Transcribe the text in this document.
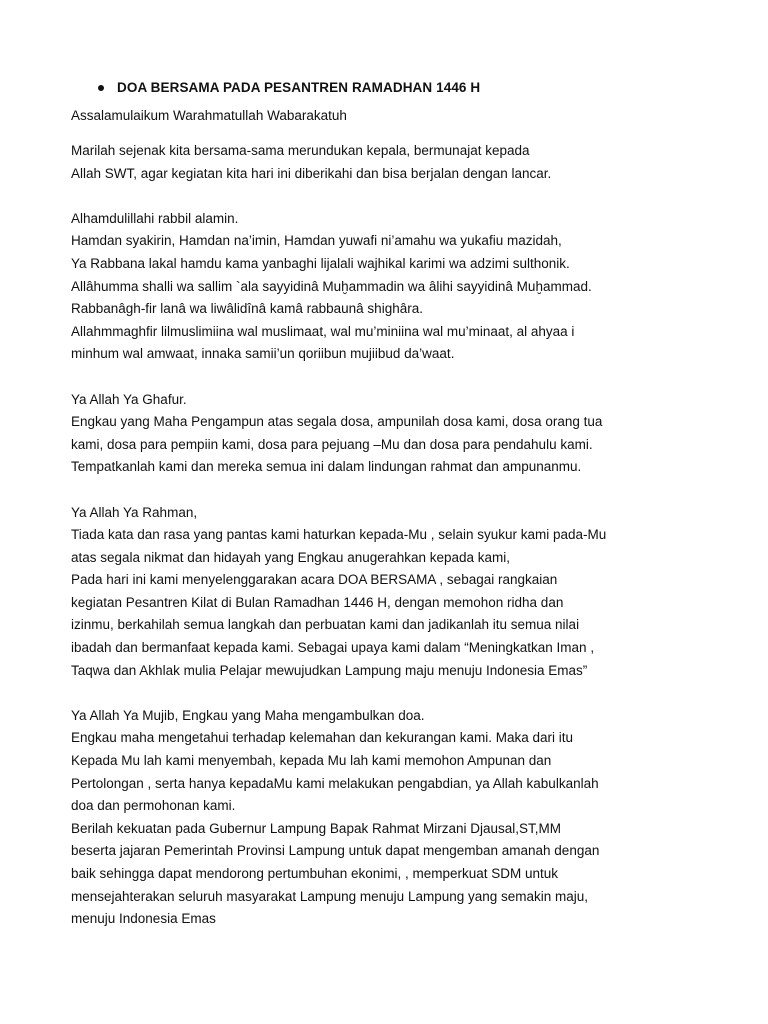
DOA BERSAMA PADA PESANTREN RAMADHAN 1446 H
Assalamulaikum Warahmatullah Wabarakatuh
Marilah sejenak kita bersama-sama merundukan kepala, bermunajat kepada
Allah SWT, agar kegiatan kita hari ini diberikahi dan bisa berjalan dengan lancar.
Alhamdulillahi rabbil alamin.
Hamdan syakirin, Hamdan na’imin, Hamdan yuwafi ni’amahu wa yukafiu mazidah,
Ya Rabbana lakal hamdu kama yanbaghi lijalali wajhikal karimi wa adzimi sulthonik.
Allâhumma shalli wa sallim `ala sayyidinâ Muḫammadin wa âlihi sayyidinâ Muḫammad.
Rabbanâgh-fir lanâ wa liwâlidînâ kamâ rabbaunâ shighâra.
Allahmmaghfir lilmuslimiina wal muslimaat, wal mu’miniina wal mu’minaat, al ahyaa i
minhum wal amwaat, innaka samii’un qoriibun mujiibud da’waat.
Ya Allah Ya Ghafur.
Engkau yang Maha Pengampun atas segala dosa, ampunilah dosa kami, dosa orang tua
kami, dosa para pempiin kami, dosa para pejuang –Mu dan dosa para pendahulu kami.
Tempatkanlah kami dan mereka semua ini dalam lindungan rahmat dan ampunanmu.
Ya Allah Ya Rahman,
Tiada kata dan rasa yang pantas kami haturkan kepada-Mu , selain syukur kami pada-Mu
atas segala nikmat dan hidayah yang Engkau anugerahkan kepada kami,
Pada hari ini kami menyelenggarakan acara DOA BERSAMA , sebagai rangkaian
kegiatan Pesantren Kilat di Bulan Ramadhan 1446 H, dengan memohon ridha dan
izinmu, berkahilah semua langkah dan perbuatan kami dan jadikanlah itu semua nilai
ibadah dan bermanfaat kepada kami. Sebagai upaya kami dalam “Meningkatkan Iman ,
Taqwa dan Akhlak mulia Pelajar mewujudkan Lampung maju menuju Indonesia Emas”
Ya Allah Ya Mujib, Engkau yang Maha mengambulkan doa.
Engkau maha mengetahui terhadap kelemahan dan kekurangan kami. Maka dari itu
Kepada Mu lah kami menyembah, kepada Mu lah kami memohon Ampunan dan
Pertolongan , serta hanya kepadaMu kami melakukan pengabdian, ya Allah kabulkanlah
doa dan permohonan kami.
Berilah kekuatan pada Gubernur Lampung Bapak Rahmat Mirzani Djausal,ST,MM
beserta jajaran Pemerintah Provinsi Lampung untuk dapat mengemban amanah dengan
baik sehingga dapat mendorong pertumbuhan ekonimi, , memperkuat SDM untuk
mensejahterakan seluruh masyarakat Lampung menuju Lampung yang semakin maju,
menuju Indonesia Emas
